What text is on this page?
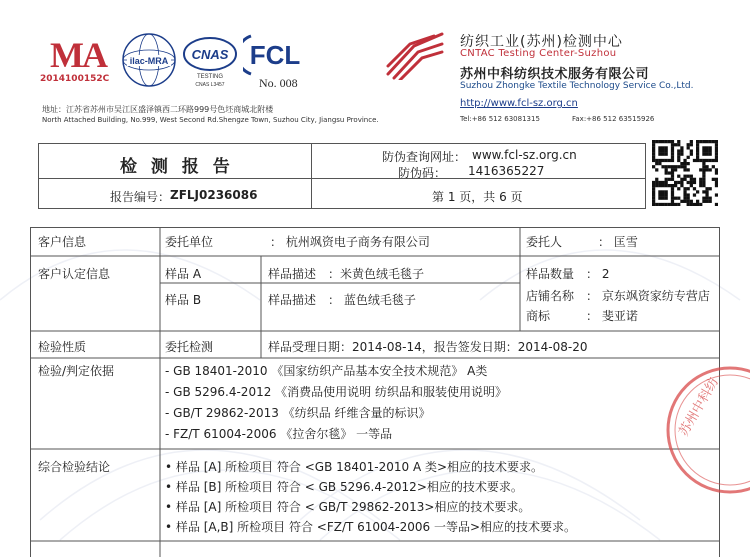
MA
2014100152C
ilac-MRA CNAS
TESTING
CNAS L3457
FCL
No. 008
纺织工业(苏州)检测中心
CNTAC Testing Center-Suzhou
苏州中科纺织技术服务有限公司
Suzhou Zhongke Textile Technology Service Co.,Ltd.
地址：江苏省苏州市吴江区盛泽镇西二环路999号色坯商城北附楼
North Attached Building, No.999, West Second Rd.Shengze Town, Suzhou City, Jiangsu Province.
http://www.fcl-sz.org.cn
Tel:+86 512 63081315	Fax:+86 512 63515926
检 测 报 告	防伪查询网址： www.fcl-sz.org.cn
防伪码： 1416365227
报告编号： ZFLJ0236086	第 1 页，共 6 页
客户信息	委托单位	： 杭州飒资电子商务有限公司	委托人	： 匡雪
客户认定信息	样品 A	样品描述 ：米黄色绒毛毯子
样品 B	样品描述 ： 蓝色绒毛毯子
样品数量 ： 2
店铺名称 ： 京东飒资家纺专营店
商标	： 斐亚诺
检验性质	委托检测	样品受理日期：2014-08-14，报告签发日期：2014-08-20
检验/判定依据	- GB 18401-2010 《国家纺织产品基本安全技术规范》 A类
- GB 5296.4-2012 《消费品使用说明 纺织品和服装使用说明》
- GB/T 29862-2013 《纺织品 纤维含量的标识》
- FZ/T 61004-2006 《拉舍尔毯》 一等品
综合检验结论	• 样品 [A] 所检项目 符合 <GB 18401-2010 A 类>相应的技术要求。
• 样品 [B] 所检项目 符合 < GB 5296.4-2012>相应的技术要求。
• 样品 [A] 所检项目 符合 < GB/T 29862-2013>相应的技术要求。
• 样品 [A,B] 所检项目 符合 <FZ/T 61004-2006 一等品>相应的技术要求。
苏州中科纺
